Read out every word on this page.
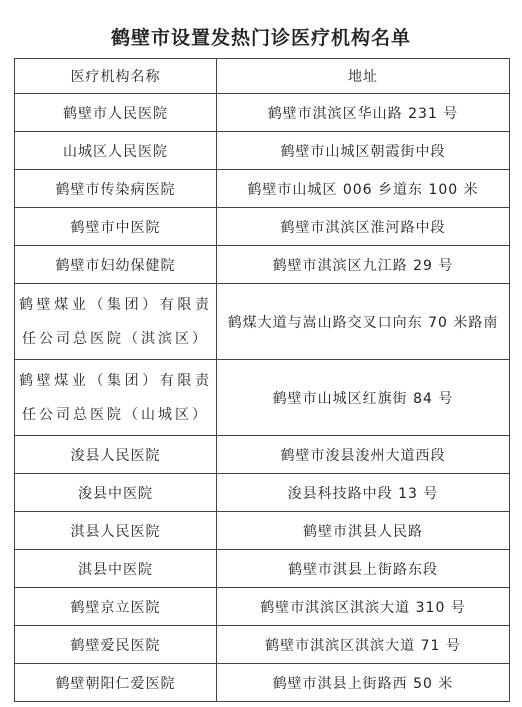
鹤壁市设置发热门诊医疗机构名单
医疗机构名称	地址
鹤壁市人民医院	鹤壁市淇滨区华山路 231 号
山城区人民医院	鹤壁市山城区朝霞街中段
鹤壁市传染病医院	鹤壁市山城区 006 乡道东 100 米
鹤壁市中医院	鹤壁市淇滨区淮河路中段
鹤壁市妇幼保健院	鹤壁市淇滨区九江路 29 号
鹤壁煤业（集团）有限责任公司总医院（淇滨区）	鹤煤大道与嵩山路交叉口向东 70 米路南
鹤壁煤业（集团）有限责任公司总医院（山城区）	鹤壁市山城区红旗街 84 号
浚县人民医院	鹤壁市浚县浚州大道西段
浚县中医院	浚县科技路中段 13 号
淇县人民医院	鹤壁市淇县人民路
淇县中医院	鹤壁市淇县上街路东段
鹤壁京立医院	鹤壁市淇滨区淇滨大道 310 号
鹤壁爱民医院	鹤壁市淇滨区淇滨大道 71 号
鹤壁朝阳仁爱医院	鹤壁市淇县上街路西 50 米
